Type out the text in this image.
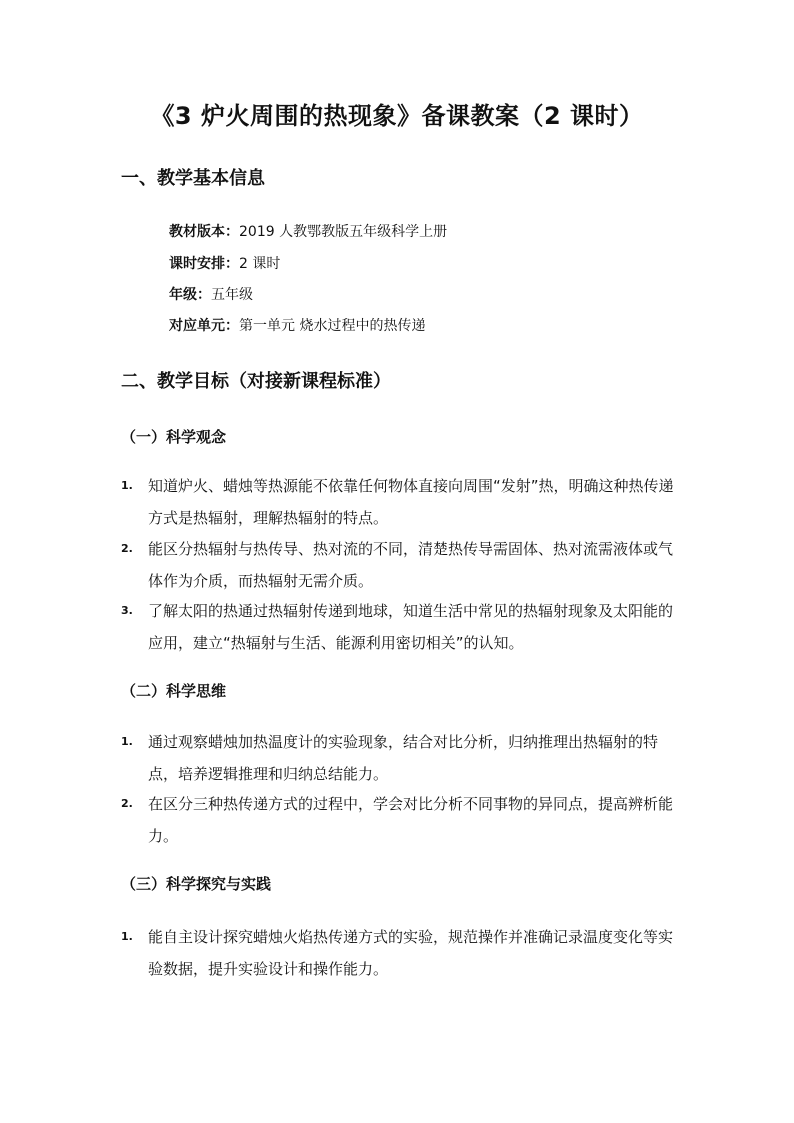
《3 炉火周围的热现象》备课教案（2 课时）
一、教学基本信息
教材版本：2019 人教鄂教版五年级科学上册
课时安排：2 课时
年级：五年级
对应单元：第一单元 烧水过程中的热传递
二、教学目标（对接新课程标准）
（一）科学观念
1.	知道炉火、蜡烛等热源能不依靠任何物体直接向周围“发射”热，明确这种热传递方式是热辐射，理解热辐射的特点。
2.	能区分热辐射与热传导、热对流的不同，清楚热传导需固体、热对流需液体或气体作为介质，而热辐射无需介质。
3.	了解太阳的热通过热辐射传递到地球，知道生活中常见的热辐射现象及太阳能的应用，建立“热辐射与生活、能源利用密切相关”的认知。
（二）科学思维
1.	通过观察蜡烛加热温度计的实验现象，结合对比分析，归纳推理出热辐射的特点，培养逻辑推理和归纳总结能力。
2.	在区分三种热传递方式的过程中，学会对比分析不同事物的异同点，提高辨析能力。
（三）科学探究与实践
1.	能自主设计探究蜡烛火焰热传递方式的实验，规范操作并准确记录温度变化等实验数据，提升实验设计和操作能力。
